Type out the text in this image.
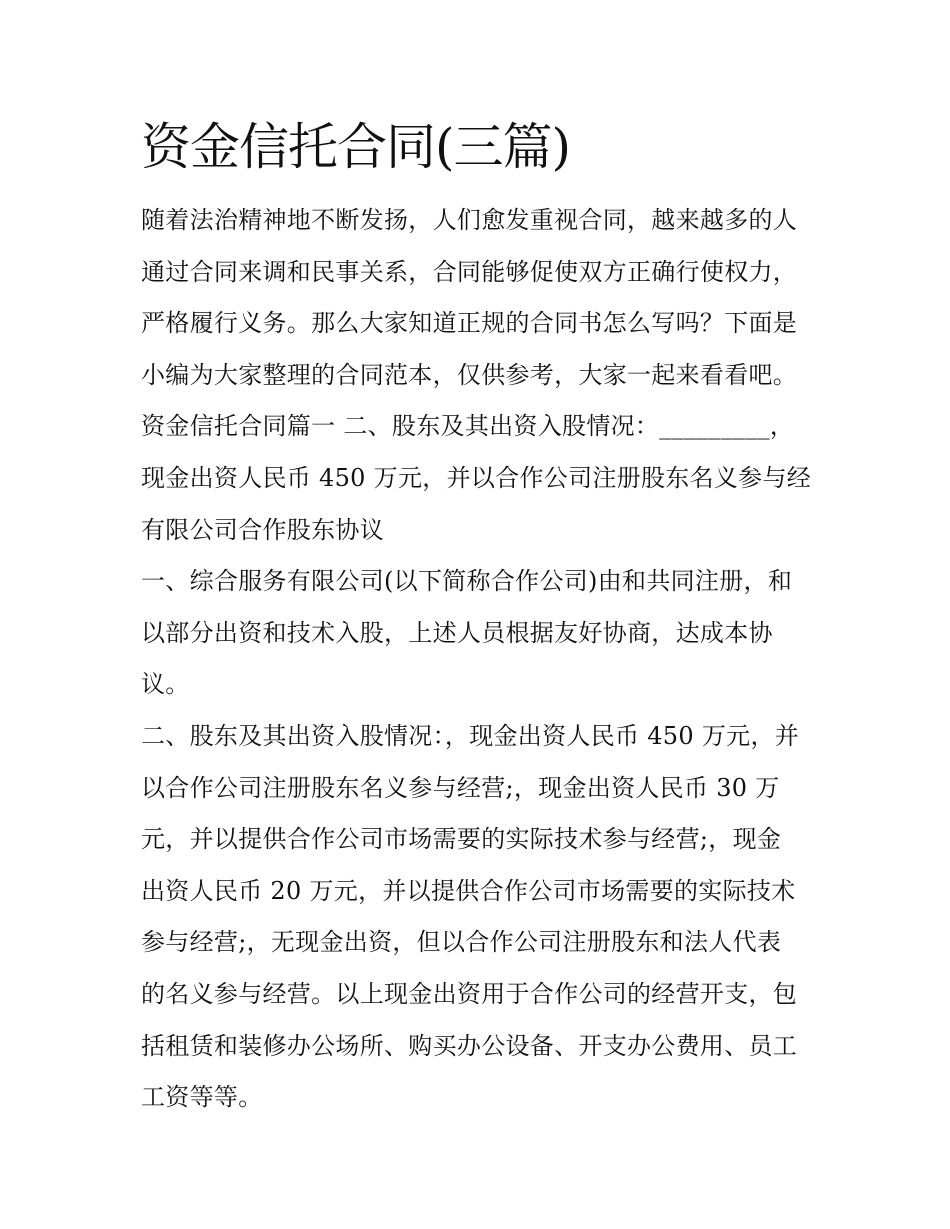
资金信托合同(三篇)
随着法治精神地不断发扬，人们愈发重视合同，越来越多的人
通过合同来调和民事关系，合同能够促使双方正确行使权力，
严格履行义务。那么大家知道正规的合同书怎么写吗？下面是
小编为大家整理的合同范本，仅供参考，大家一起来看看吧。
资金信托合同篇一 二、股东及其出资入股情况：_________，
现金出资人民币 450 万元，并以合作公司注册股东名义参与经
有限公司合作股东协议
一、综合服务有限公司(以下简称合作公司)由和共同注册，和
以部分出资和技术入股，上述人员根据友好协商，达成本协
议。
二、股东及其出资入股情况：，现金出资人民币 450 万元，并
以合作公司注册股东名义参与经营;，现金出资人民币 30 万
元，并以提供合作公司市场需要的实际技术参与经营;，现金
出资人民币 20 万元，并以提供合作公司市场需要的实际技术
参与经营;，无现金出资，但以合作公司注册股东和法人代表
的名义参与经营。以上现金出资用于合作公司的经营开支，包
括租赁和装修办公场所、购买办公设备、开支办公费用、员工
工资等等。
